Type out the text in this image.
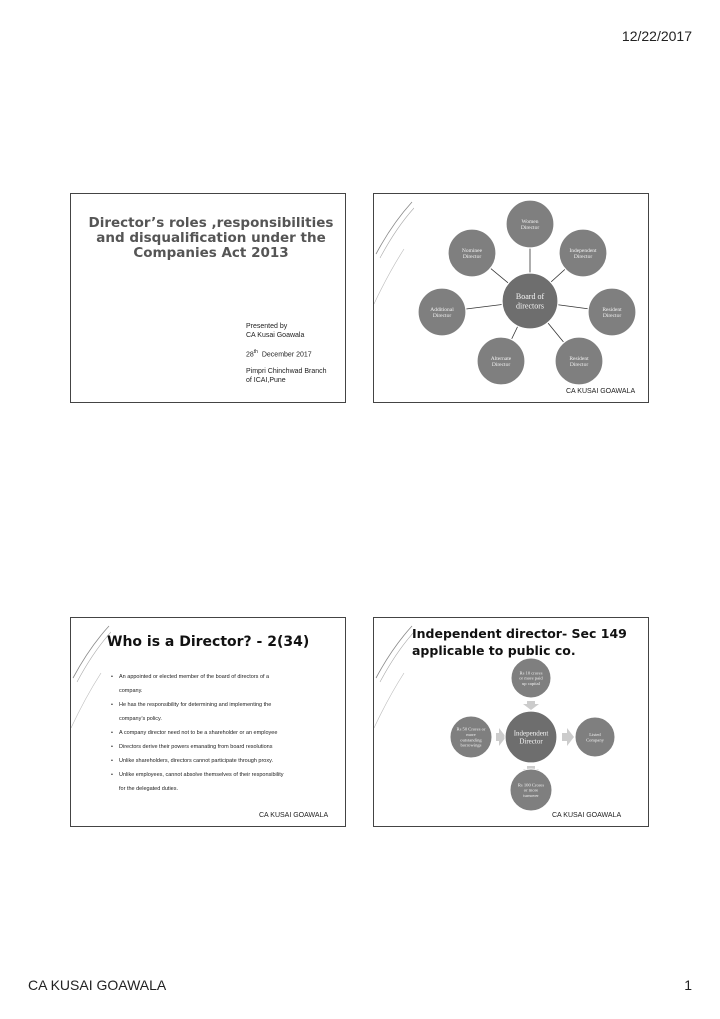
12/22/2017
Director’s roles ,responsibilities
and disqualification under the
Companies Act 2013
Presented by
CA Kusai Goawala
28th December 2017
Pimpri Chinchwad Branch
of ICAI,Pune
Women
Director
Independent
Director
Resident
Director
Resident
Director
Alternate
Director
Additional
Director
Nominee
Director
Board of
directors
CA KUSAI GOAWALA
Who is a Director? - 2(34)
• An appointed or elected member of the board of directors of a
company.
• He has the responsibility for determining and implementing the
company’s policy.
• A company director need not to be a shareholder or an employee
• Directors derive their powers emanating from board resolutions
• Unlike shareholders, directors cannot participate through proxy.
• Unlike employees, cannot absolve themselves of their responsibility
for the delegated duties.
CA KUSAI GOAWALA
Independent director- Sec 149
applicable to public co.
Rs 10 crores
or more paid
up capital
Rs 50 Crores or
more
outstanding
borrowings
Listed
Company
Rs 100 Crores
or more
turnover
Independent
Director
CA KUSAI GOAWALA
CA KUSAI GOAWALA	1
